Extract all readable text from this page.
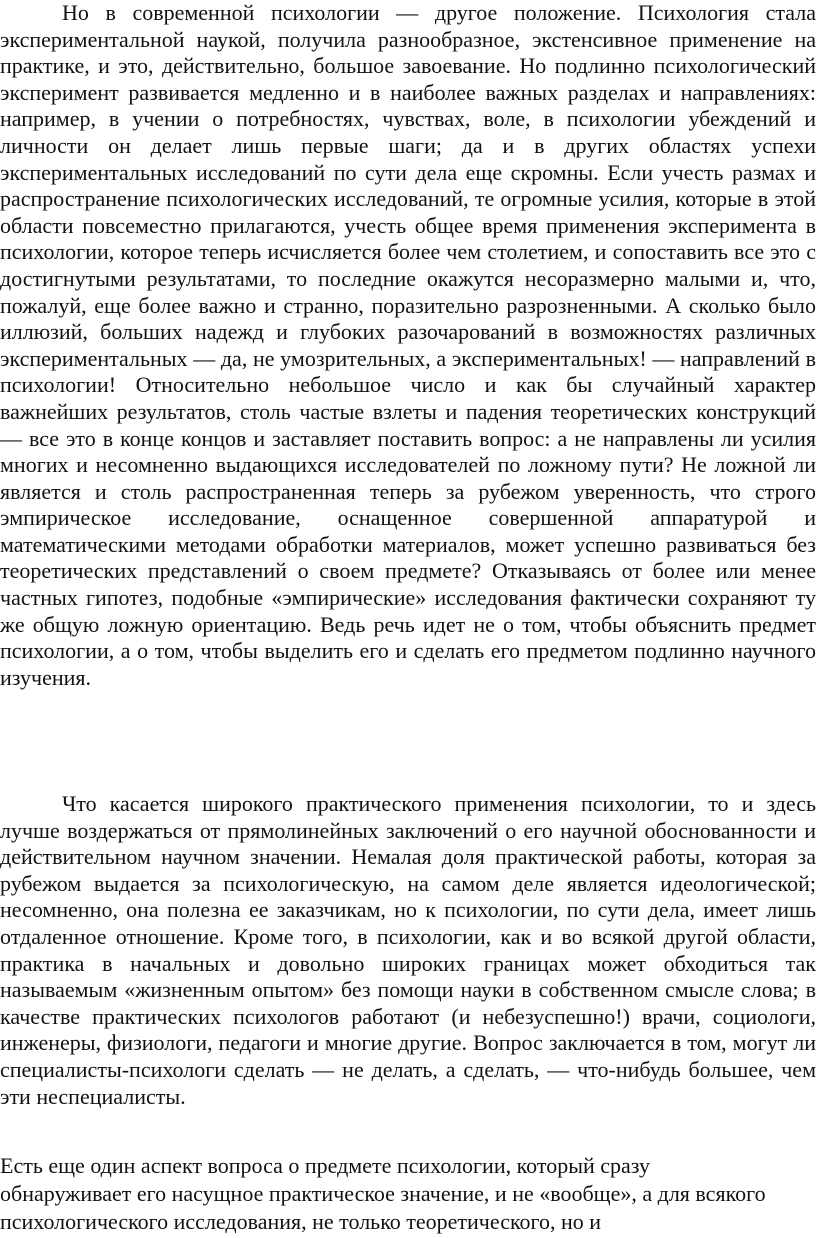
Но в современной психологии — другое положение. Психология стала экспериментальной наукой, получила разнообразное, экстенсивное применение на практике, и это, действительно, большое завоевание. Но подлинно психологический эксперимент развивается медленно и в наиболее важных разделах и направлениях: например, в учении о потребностях, чувствах, воле, в психологии убеждений и личности он делает лишь первые шаги; да и в других областях успехи экспериментальных исследований по сути дела еще скромны. Если учесть размах и распространение психологических исследований, те огромные усилия, которые в этой области повсеместно прилагаются, учесть общее время применения эксперимента в психологии, которое теперь исчисляется более чем столетием, и сопоставить все это с достигнутыми результатами, то последние окажутся несоразмерно малыми и, что, пожалуй, еще более важно и странно, поразительно разрозненными. А сколько было иллюзий, больших надежд и глубоких разочарований в возможностях различных экспериментальных — да, не умозрительных, а экспериментальных! — направлений в психологии! Относительно небольшое число и как бы случайный характер важнейших результатов, столь частые взлеты и падения теоретических конструкций — все это в конце концов и заставляет поставить вопрос: а не направлены ли усилия многих и несомненно выдающихся исследователей по ложному пути? Не ложной ли является и столь распространенная теперь за рубежом уверенность, что строго эмпирическое исследование, оснащенное совершенной аппаратурой и математическими методами обработки материалов, может успешно развиваться без теоретических представлений о своем предмете? Отказываясь от более или менее частных гипотез, подобные «эмпирические» исследования фактически сохраняют ту же общую ложную ориентацию. Ведь речь идет не о том, чтобы объяснить предмет психологии, а о том, чтобы выделить его и сделать его предметом подлинно научного изучения.

Что касается широкого практического применения психологии, то и здесь лучше воздержаться от прямолинейных заключений о его научной обоснованности и действительном научном значении. Немалая доля практической работы, которая за рубежом выдается за психологическую, на самом деле является идеологической; несомненно, она полезна ее заказчикам, но к психологии, по сути дела, имеет лишь отдаленное отношение. Кроме того, в психологии, как и во всякой другой области, практика в начальных и довольно широких границах может обходиться так называемым «жизненным опытом» без помощи науки в собственном смысле слова; в качестве практических психологов работают (и небезуспешно!) врачи, социологи, инженеры, физиологи, педагоги и многие другие. Вопрос заключается в том, могут ли специалисты-психологи сделать — не делать, а сделать, — что-нибудь большее, чем эти неспециалисты.

Есть еще один аспект вопроса о предмете психологии, который сразу обнаруживает его насущное практическое значение, и не «вообще», а для всякого психологического исследования, не только теоретического, но и
